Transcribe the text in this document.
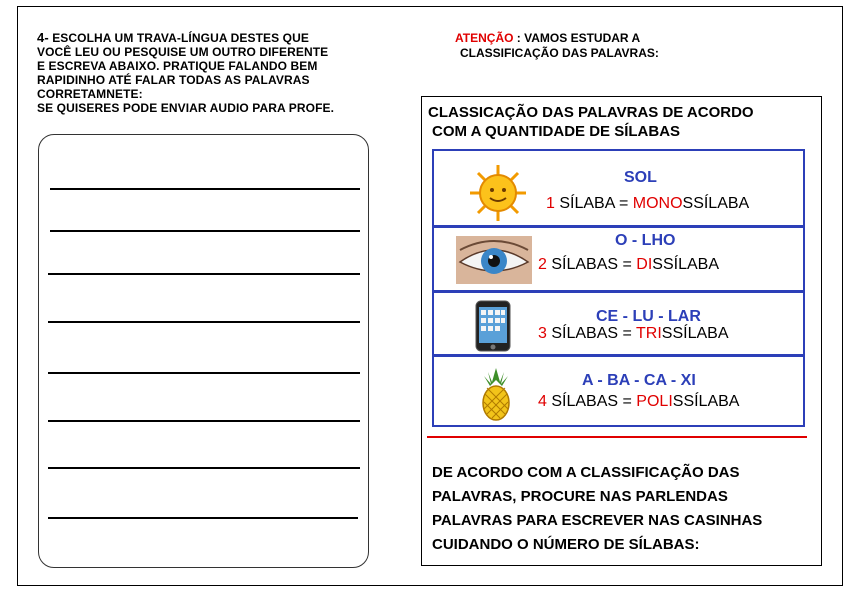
4- ESCOLHA UM TRAVA-LÍNGUA DESTES QUE
VOCÊ LEU OU PESQUISE UM OUTRO DIFERENTE
E ESCREVA ABAIXO. PRATIQUE FALANDO BEM
RAPIDINHO ATÉ FALAR TODAS AS PALAVRAS
CORRETAMNETE:
SE QUISERES PODE ENVIAR AUDIO PARA PROFE.
ATENÇÃO : VAMOS ESTUDAR A
CLASSIFICAÇÃO DAS PALAVRAS:
CLASSICAÇÃO DAS PALAVRAS DE ACORDO
COM A QUANTIDADE DE SÍLABAS
SOL
1 SÍLABA = MONOSSÍLABA
O - LHO
2 SÍLABAS = DISSÍLABA
CE - LU - LAR
3 SÍLABAS = TRISSÍLABA
A - BA - CA - XI
4 SÍLABAS = POLISSÍLABA
DE ACORDO COM A CLASSIFICAÇÃO DAS
PALAVRAS, PROCURE NAS PARLENDAS
PALAVRAS PARA ESCREVER NAS CASINHAS
CUIDANDO O NÚMERO DE SÍLABAS:
